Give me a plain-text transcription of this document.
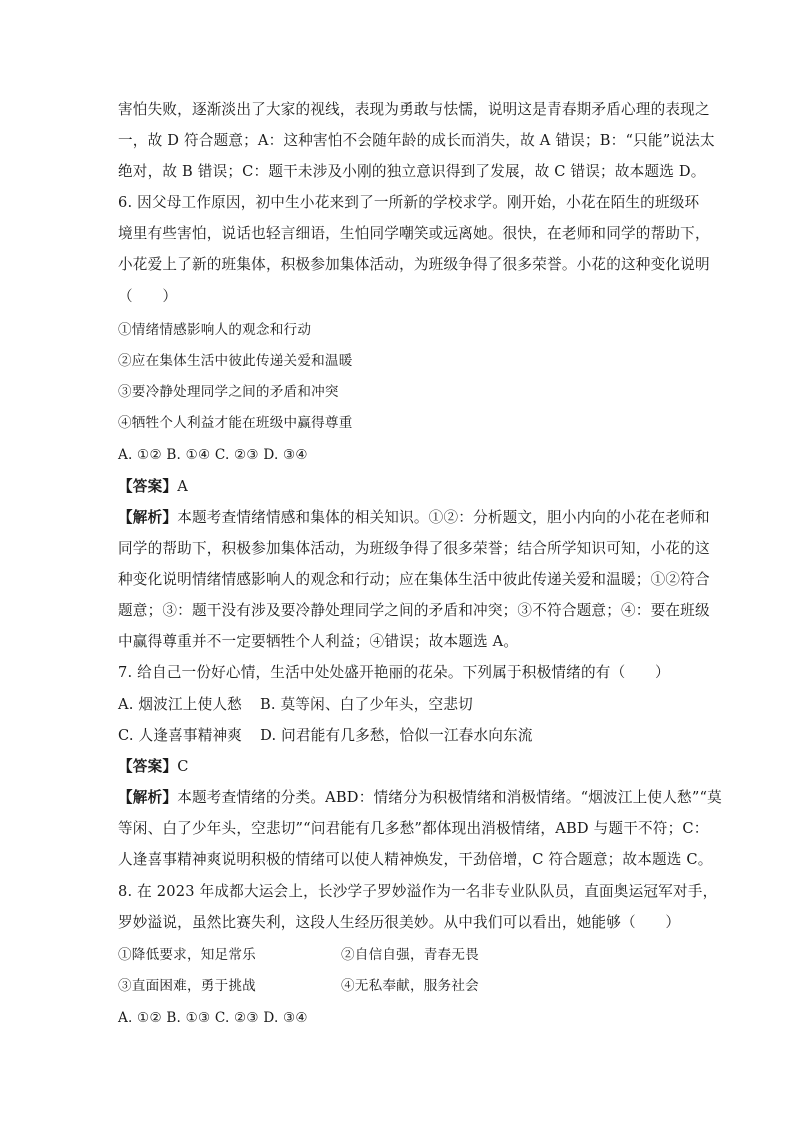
害怕失败，逐渐淡出了大家的视线，表现为勇敢与怯懦，说明这是青春期矛盾心理的表现之
一，故 D 符合题意；A：这种害怕不会随年龄的成长而消失，故 A 错误；B：“只能”说法太
绝对，故 B 错误；C：题干未涉及小刚的独立意识得到了发展，故 C 错误；故本题选 D。
6. 因父母工作原因，初中生小花来到了一所新的学校求学。刚开始，小花在陌生的班级环
境里有些害怕，说话也轻言细语，生怕同学嘲笑或远离她。很快，在老师和同学的帮助下，
小花爱上了新的班集体，积极参加集体活动，为班级争得了很多荣誉。小花的这种变化说明
（　　）
①情绪情感影响人的观念和行动
②应在集体生活中彼此传递关爱和温暖
③要冷静处理同学之间的矛盾和冲突
④牺牲个人利益才能在班级中赢得尊重
A. ①② B. ①④ C. ②③ D. ③④
【答案】A
【解析】本题考查情绪情感和集体的相关知识。①②：分析题文，胆小内向的小花在老师和
同学的帮助下，积极参加集体活动，为班级争得了很多荣誉；结合所学知识可知，小花的这
种变化说明情绪情感影响人的观念和行动；应在集体生活中彼此传递关爱和温暖；①②符合
题意；③：题干没有涉及要冷静处理同学之间的矛盾和冲突；③不符合题意；④：要在班级
中赢得尊重并不一定要牺牲个人利益；④错误；故本题选 A。
7. 给自己一份好心情，生活中处处盛开艳丽的花朵。下列属于积极情绪的有（　　）
A. 烟波江上使人愁 B. 莫等闲、白了少年头，空悲切
C. 人逢喜事精神爽 D. 问君能有几多愁，恰似一江春水向东流
【答案】C
【解析】本题考查情绪的分类。ABD：情绪分为积极情绪和消极情绪。“烟波江上使人愁”“莫
等闲、白了少年头，空悲切”“问君能有几多愁”都体现出消极情绪，ABD 与题干不符；C：
人逢喜事精神爽说明积极的情绪可以使人精神焕发，干劲倍增，C 符合题意；故本题选 C。
8. 在 2023 年成都大运会上，长沙学子罗妙溢作为一名非专业队队员，直面奥运冠军对手，
罗妙溢说，虽然比赛失利，这段人生经历很美妙。从中我们可以看出，她能够（　　）
①降低要求，知足常乐	②自信自强，青春无畏
③直面困难，勇于挑战	④无私奉献，服务社会
A. ①② B. ①③ C. ②③ D. ③④
